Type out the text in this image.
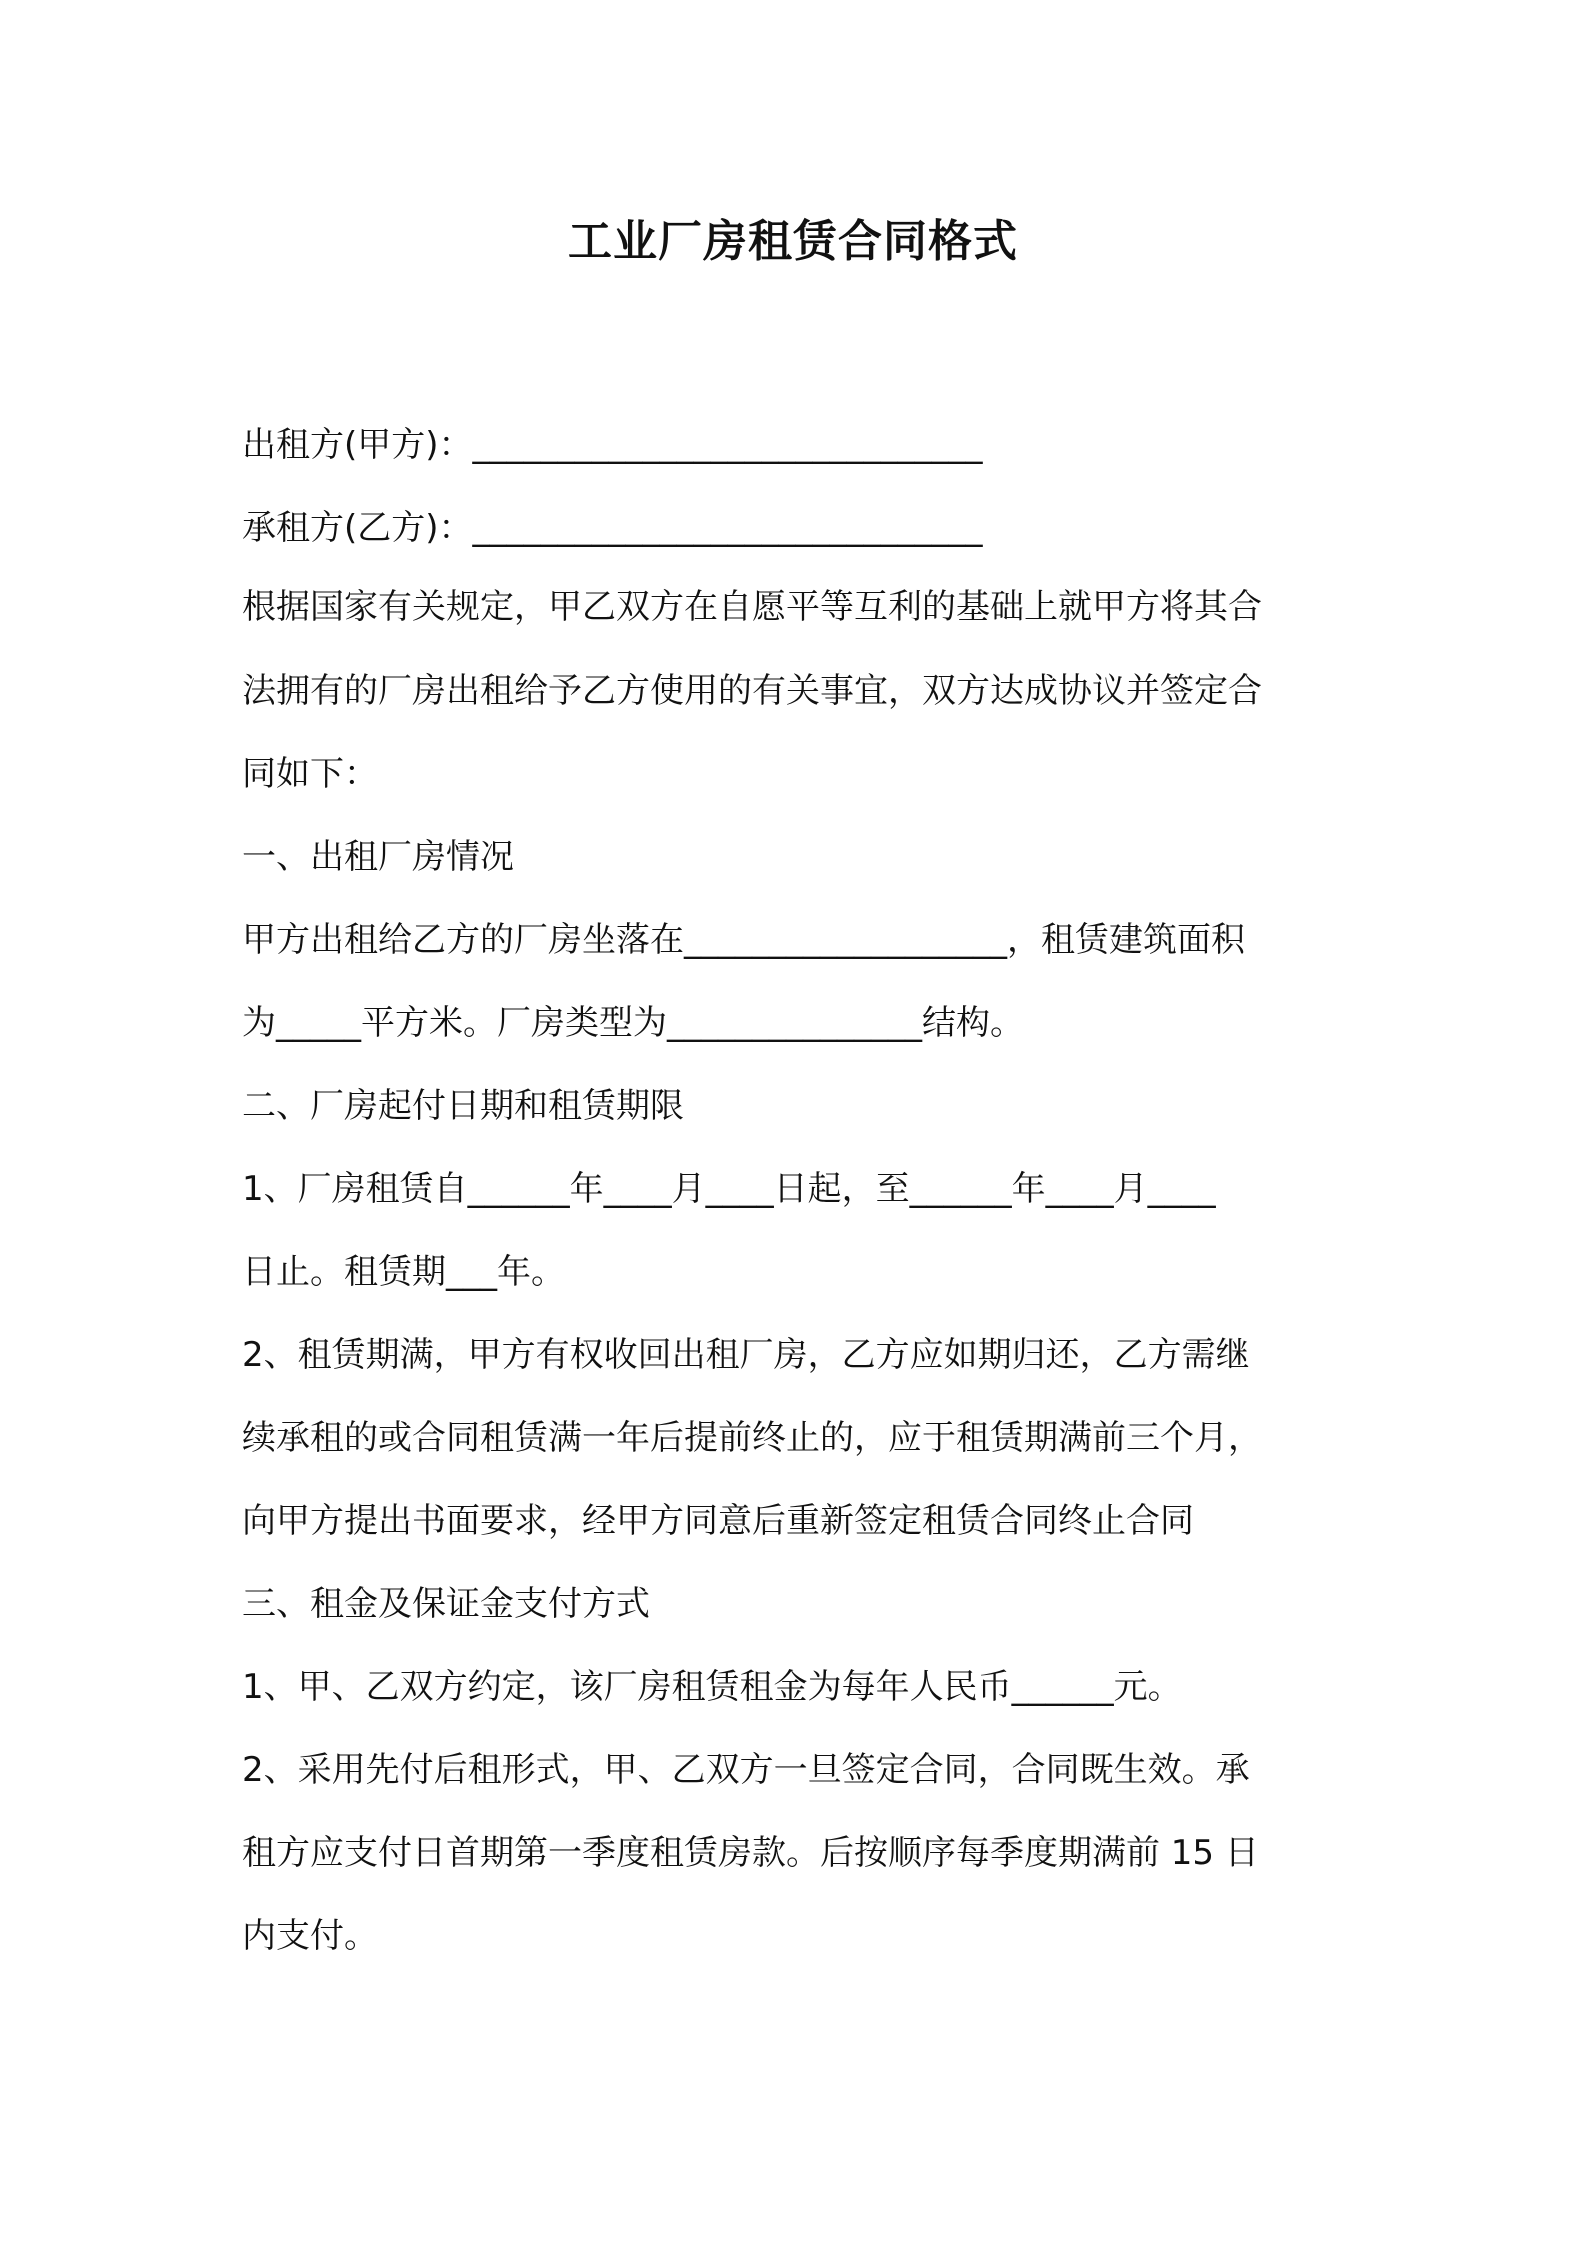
工业厂房租赁合同格式
出租方(甲方)：______________________________
承租方(乙方)：______________________________
根据国家有关规定，甲乙双方在自愿平等互利的基础上就甲方将其合
法拥有的厂房出租给予乙方使用的有关事宜，双方达成协议并签定合
同如下：
一、出租厂房情况
甲方出租给乙方的厂房坐落在___________________，租赁建筑面积
为_____平方米。厂房类型为_______________结构。
二、厂房起付日期和租赁期限
1、厂房租赁自______年____月____日起，至______年____月____
日止。租赁期___年。
2、租赁期满，甲方有权收回出租厂房，乙方应如期归还，乙方需继
续承租的或合同租赁满一年后提前终止的，应于租赁期满前三个月，
向甲方提出书面要求，经甲方同意后重新签定租赁合同终止合同
三、租金及保证金支付方式
1、甲、乙双方约定，该厂房租赁租金为每年人民币______元。
2、采用先付后租形式，甲、乙双方一旦签定合同，合同既生效。承
租方应支付日首期第一季度租赁房款。后按顺序每季度期满前 15 日
内支付。
